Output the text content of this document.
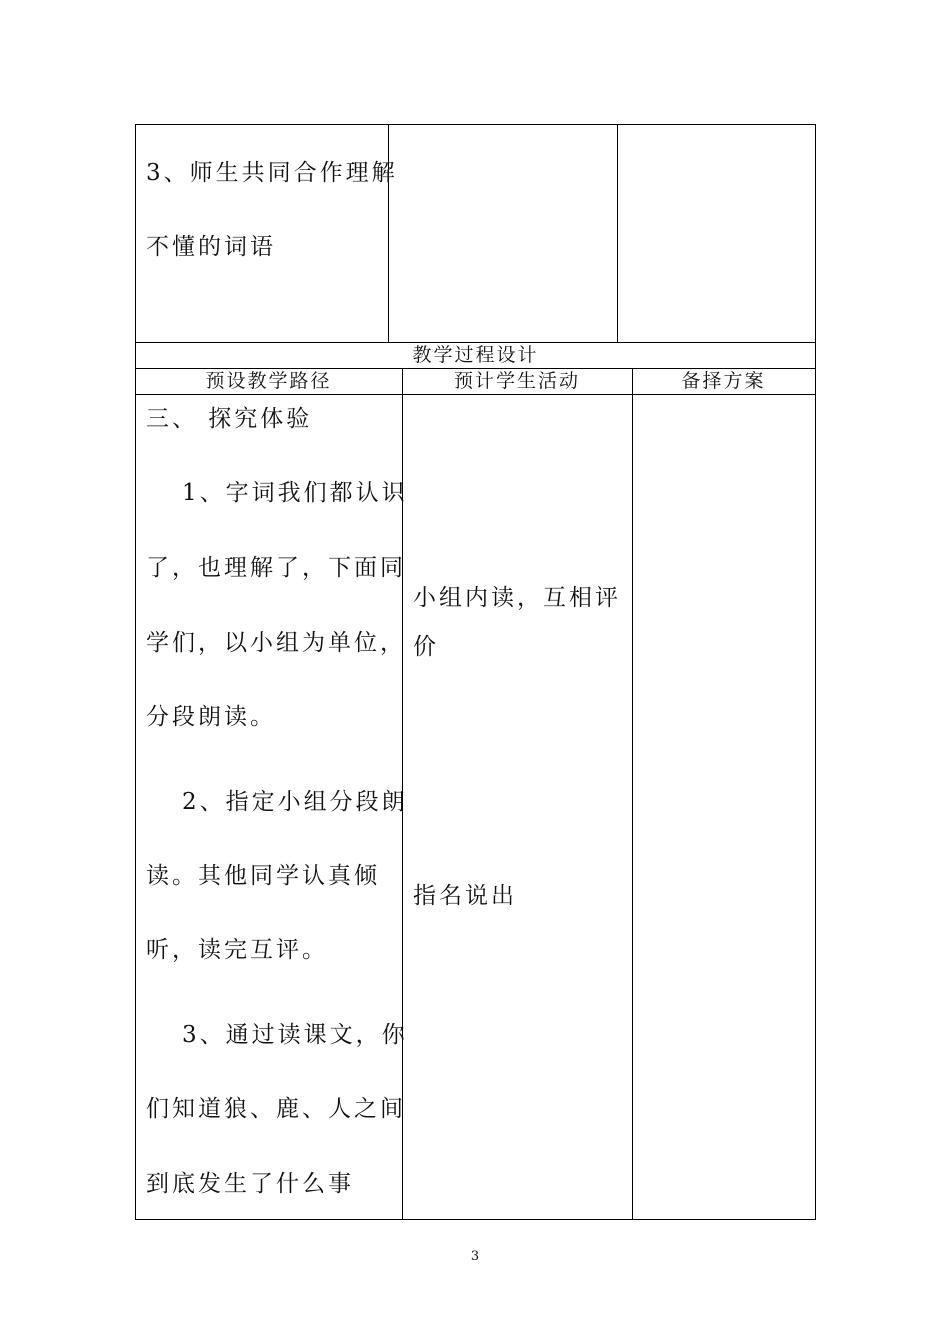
3、师生共同合作理解
不懂的词语
教学过程设计
预设教学路径	预计学生活动	备择方案
三、 探究体验
1、字词我们都认识
了，也理解了，下面同
学们，以小组为单位，
分段朗读。
2、指定小组分段朗
读。其他同学认真倾
听，读完互评。
3、通过读课文，你
们知道狼、鹿、人之间
到底发生了什么事
小组内读，互相评
价
指名说出
3
